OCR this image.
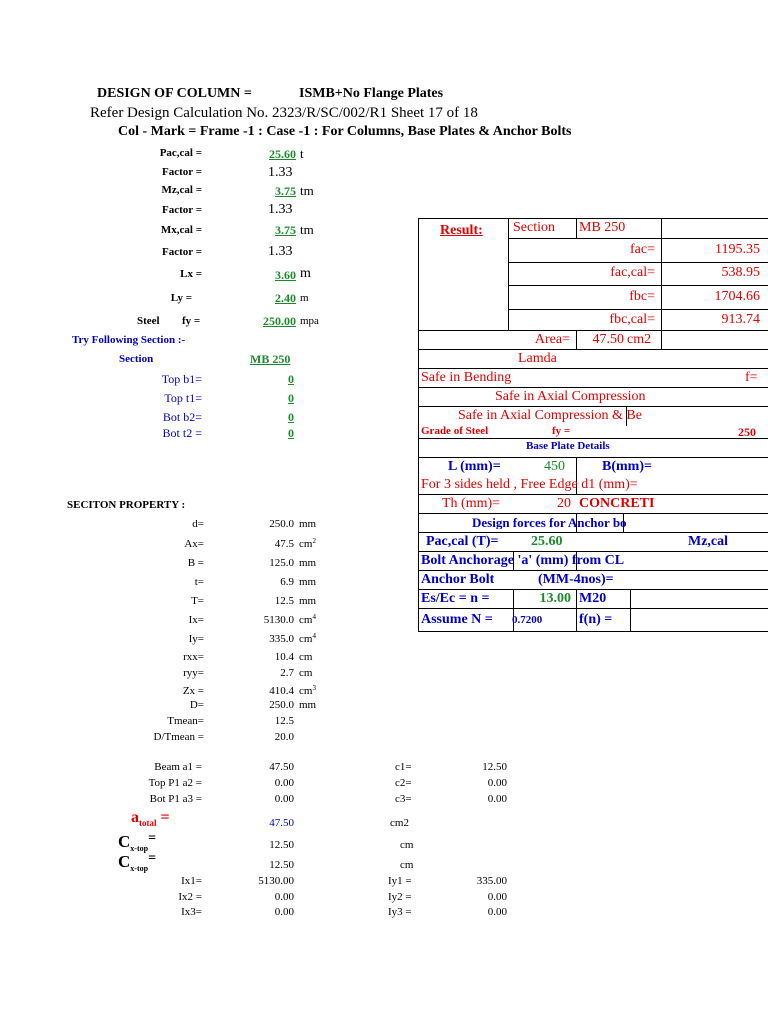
DESIGN OF COLUMN =	ISMB+No Flange Plates
Refer Design Calculation No. 2323/R/SC/002/R1 Sheet 17 of 18
Col - Mark = Frame -1 : Case -1 : For Columns, Base Plates & Anchor Bolts
Pac,cal =	25.60 t
Factor =	1.33
Mz,cal =	3.75 tm
Factor =	1.33
Mx,cal =	3.75 tm
Factor =	1.33
Lx =	3.60 m
Ly =	2.40 m
Steel fy =	250.00 mpa
Try Following Section :-
Section	MB 250
Top b1=	0
Top t1=	0
Bot b2=	0
Bot t2 =	0
SECITON PROPERTY :
d=	250.0 mm
Ax=	47.5 $cm^2$
B =	125.0 mm
t=	6.9 mm
T=	12.5 mm
Ix=	5130.0 $cm^4$
Iy=	335.0 $cm^4$
rxx=	10.4 cm
ryy=	2.7 cm
Zx =	410.4 $cm^3$
D=	250.0 mm
Tmean=	12.5
D/Tmean =	20.0
Beam a1 =	47.50	c1=	12.50
Top P1 a2 =	0.00	c2=	0.00
Bot P1 a3 =	0.00	c3=	0.00
$a_{total}$ =	47.50	cm2
$C_{x-top}^=$	12.50	cm
$C_{x-top}^=$	12.50	cm
Ix1=	5130.00	Iy1 =	335.00
Ix2 =	0.00	Iy2 =	0.00
Ix3=	0.00	Iy3 =	0.00
Result: Section MB 250
fac=	1195.35
fac,cal=	538.95
fbc=	1704.66
fbc,cal=	913.74
Area=	47.50 cm2
Lamda
Safe in Bending	f=
Safe in Axial Compression
Safe in Axial Compression & Be
Grade of Steel	fy =	250
Base Plate Details
L (mm)=	450	B(mm)=
For 3 sides held , Free Edge d1 (mm)=
Th (mm)=	20 CONCRETI
Design forces for Anchor bo
Pac,cal (T)= 25.60	Mz,cal
Bolt Anchorage 'a' (mm) from CL
Anchor Bolt	(MM-4nos)=
Es/Ec = n =	13.00 M20
Assume N = 0.7200	f(n) =
